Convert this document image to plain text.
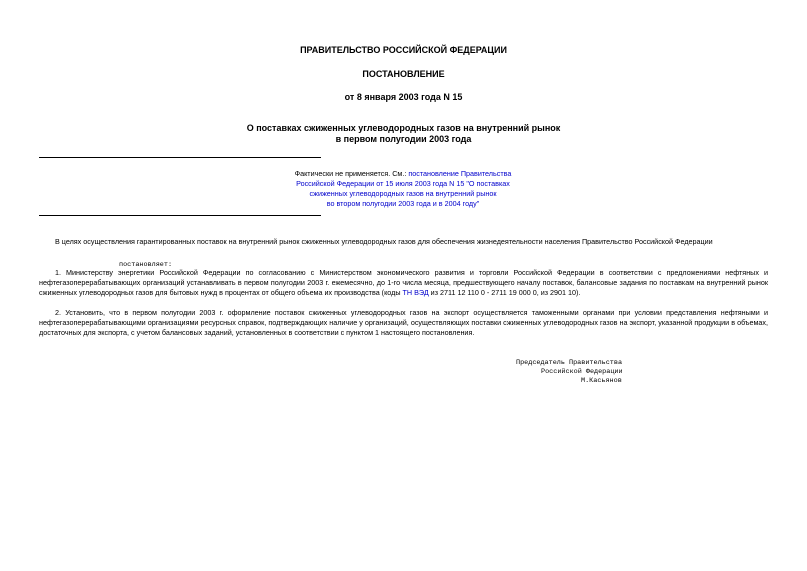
ПРАВИТЕЛЬСТВО РОССИЙСКОЙ ФЕДЕРАЦИИ
ПОСТАНОВЛЕНИЕ
от 8 января 2003 года N 15
О поставках сжиженных углеводородных газов на внутренний рынок
в первом полугодии 2003 года
Фактически не применяется. См.: постановление Правительства
Российской Федерации от 15 июля 2003 года N 15 "О поставках
сжиженных углеводородных газов на внутренний рынок
во втором полугодии 2003 года и в 2004 году"
В целях осуществления гарантированных поставок на внутренний рынок сжиженных углеводородных газов для обеспечения жизнедеятельности населения Правительство Российской Федерации
постановляет:
1. Министерству энергетики Российской Федерации по согласованию с Министерством экономического развития и торговли Российской Федерации в соответствии с предложениями нефтяных и нефтегазоперерабатывающих организаций устанавливать в первом полугодии 2003 г. ежемесячно, до 1-го числа месяца, предшествующего началу поставок, балансовые задания по поставкам на внутренний рынок сжиженных углеводородных газов для бытовых нужд в процентах от общего объема их производства (коды ТН ВЭД из 2711 12 110 0 - 2711 19 000 0, из 2901 10).
2. Установить, что в первом полугодии 2003 г. оформление поставок сжиженных углеводородных газов на экспорт осуществляется таможенными органами при условии представления нефтяными и нефтегазоперерабатывающими организациями ресурсных справок, подтверждающих наличие у организаций, осуществляющих поставки сжиженных углеводородных газов на экспорт, указанной продукции в объемах, достаточных для экспорта, с учетом балансовых заданий, установленных в соответствии с пунктом 1 настоящего постановления.
Председатель Правительства
Российской Федерации
М.Касьянов
